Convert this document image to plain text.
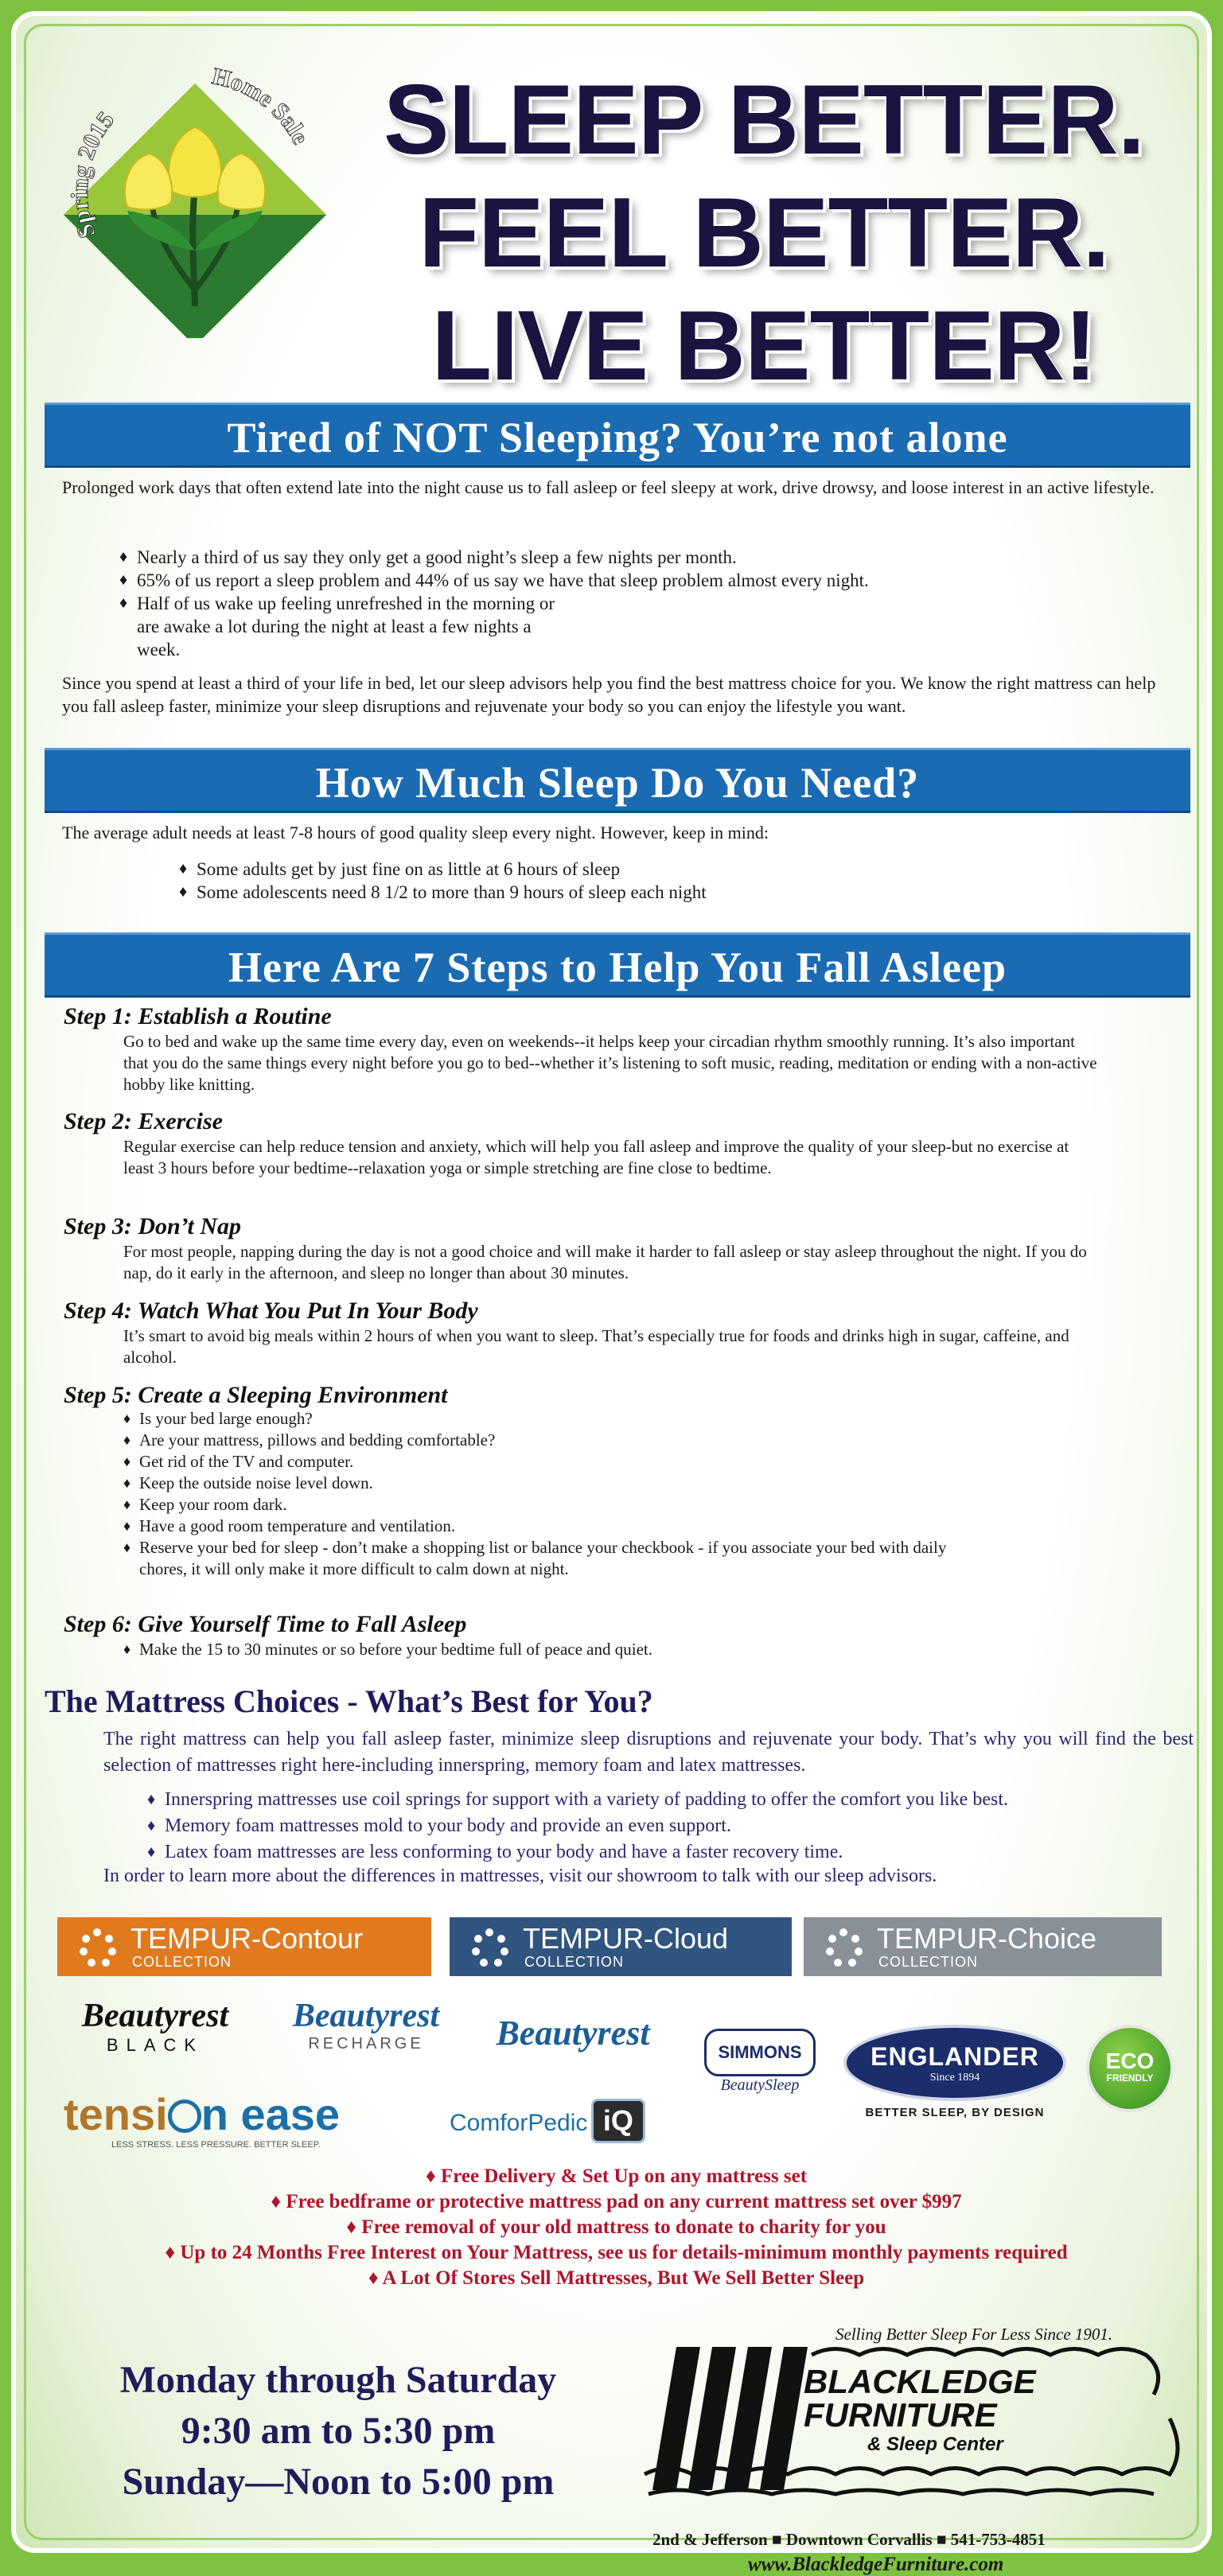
Spring 2015
Home Sale SLEEP BETTER.
FEEL BETTER.
LIVE BETTER!
Tired of NOT Sleeping? You’re not alone
Prolonged work days that often extend late into the night cause us to fall asleep or feel sleepy at work, drive drowsy, and loose interest in an active lifestyle.
♦ Nearly a third of us say they only get a good night’s sleep a few nights per month.
♦ 65% of us report a sleep problem and 44% of us say we have that sleep problem almost every night.
♦ Half of us wake up feeling unrefreshed in the morning or are awake a lot during the night at least a few nights a week.
Since you spend at least a third of your life in bed, let our sleep advisors help you find the best mattress choice for you. We know the right mattress can help you fall asleep faster, minimize your sleep disruptions and rejuvenate your body so you can enjoy the lifestyle you want.
How Much Sleep Do You Need?
The average adult needs at least 7-8 hours of good quality sleep every night. However, keep in mind:
♦ Some adults get by just fine on as little at 6 hours of sleep
♦ Some adolescents need 8 1/2 to more than 9 hours of sleep each night
Here Are 7 Steps to Help You Fall Asleep
Step 1: Establish a Routine
Go to bed and wake up the same time every day, even on weekends--it helps keep your circadian rhythm smoothly running. It’s also important that you do the same things every night before you go to bed--whether it’s listening to soft music, reading, meditation or ending with a non-active hobby like knitting.
Step 2: Exercise
Regular exercise can help reduce tension and anxiety, which will help you fall asleep and improve the quality of your sleep-but no exercise at least 3 hours before your bedtime--relaxation yoga or simple stretching are fine close to bedtime.
Step 3: Don’t Nap
For most people, napping during the day is not a good choice and will make it harder to fall asleep or stay asleep throughout the night. If you do nap, do it early in the afternoon, and sleep no longer than about 30 minutes.
Step 4: Watch What You Put In Your Body
It’s smart to avoid big meals within 2 hours of when you want to sleep. That’s especially true for foods and drinks high in sugar, caffeine, and alcohol.
Step 5: Create a Sleeping Environment
♦ Is your bed large enough?
♦ Are your mattress, pillows and bedding comfortable?
♦ Get rid of the TV and computer.
♦ Keep the outside noise level down.
♦ Keep your room dark.
♦ Have a good room temperature and ventilation.
♦ Reserve your bed for sleep - don’t make a shopping list or balance your checkbook - if you associate your bed with daily chores, it will only make it more difficult to calm down at night.
Step 6: Give Yourself Time to Fall Asleep
♦ Make the 15 to 30 minutes or so before your bedtime full of peace and quiet.
The Mattress Choices - What’s Best for You?
The right mattress can help you fall asleep faster, minimize sleep disruptions and rejuvenate your body. That’s why you will find the best selection of mattresses right here-including innerspring, memory foam and latex mattresses.
♦ Innerspring mattresses use coil springs for support with a variety of padding to offer the comfort you like best.
♦ Memory foam mattresses mold to your body and provide an even support.
♦ Latex foam mattresses are less conforming to your body and have a faster recovery time.
In order to learn more about the differences in mattresses, visit our showroom to talk with our sleep advisors.
TEMPUR-Contour
COLLECTION
TEMPUR-Cloud
COLLECTION
TEMPUR-Choice
COLLECTION
Beautyrest
BLACK
Beautyrest
RECHARGE	Beautyrest	SIMMONS
BeautySleep
ENGLANDER
Since 1894
BETTER SLEEP, BY DESIGN
ECO
FRIENDLY
tensi n ease
LESS STRESS. LESS PRESSURE. BETTER SLEEP.
ComforPedic iQ
♦ Free Delivery & Set Up on any mattress set
♦ Free bedframe or protective mattress pad on any current mattress set over $997
♦ Free removal of your old mattress to donate to charity for you
♦ Up to 24 Months Free Interest on Your Mattress, see us for details-minimum monthly payments required
♦ A Lot Of Stores Sell Mattresses, But We Sell Better Sleep
Monday through Saturday
9:30 am to 5:30 pm
Sunday—Noon to 5:00 pm
Selling Better Sleep For Less Since 1901.
BLACKLEDGE
FURNITURE
& Sleep Center
2nd & Jefferson ■ Downtown Corvallis ■ 541-753-4851
www.BlackledgeFurniture.com
